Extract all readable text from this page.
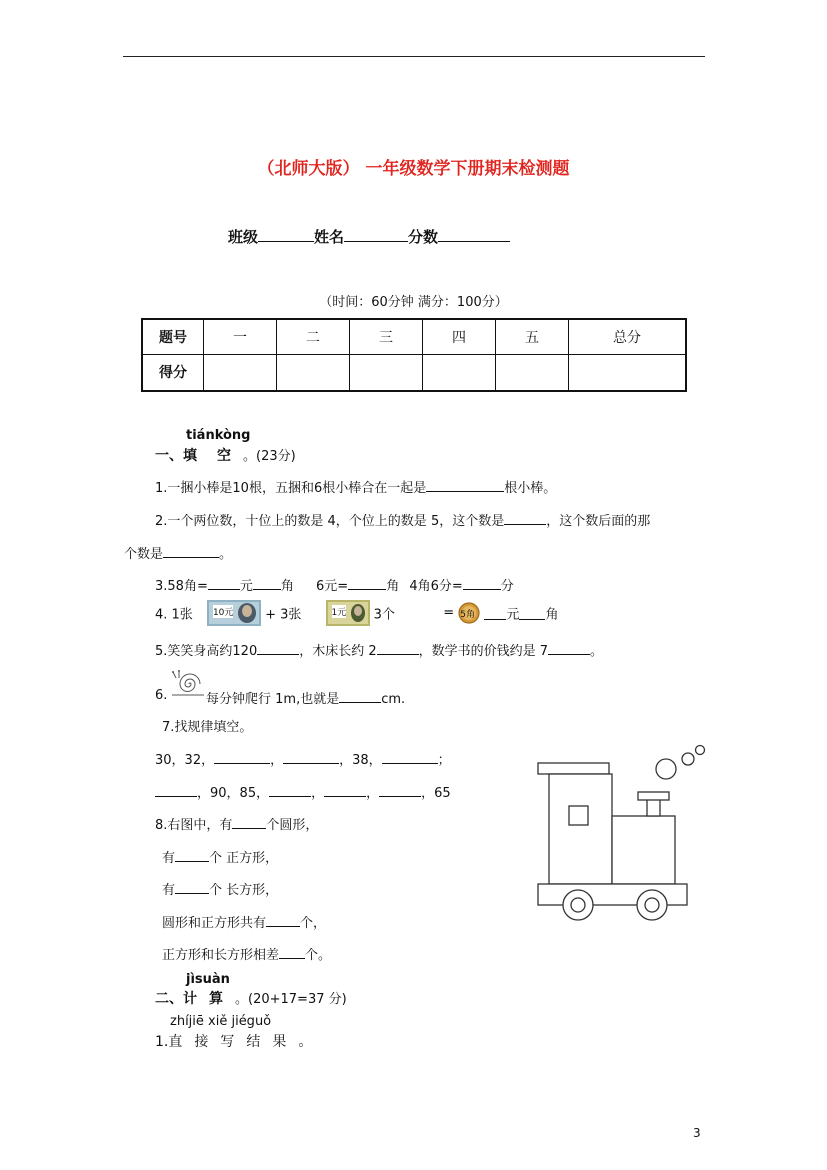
（北师大版） 一年级数学下册期末检测题
班级	姓名	分数
（时间：60分钟 满分：100分）
题号	一	二	三	四	五	总分
得分						
tiánkòng
一、填 空 。(23分)
1.一捆小棒是10根，五捆和6根小棒合在一起是	根小棒。
2.一个两位数，十位上的数是 4，个位上的数是 5，这个数是	，这个数后面的那
个数是	。
3.58角= 元 角 6元=	角 4角6分=	分
4. 1张 10元 + 3张	1元 3个	= 5角 元 角
5.笑笑身高约120	，木床长约 2	，数学书的价钱约是 7	。
6.	每分钟爬行 1m,也就是	cm.
7.找规律填空。
30，32，	，	，38，	；
，90，85，	，	，	，65
8.右图中，有	个圆形，
有	个 正方形，
有	个 长方形，
圆形和正方形共有	个，
正方形和长方形相差 个。
jìsuàn
二、计 算 。(20+17=37 分)
zhíjiē xiě jiéguǒ
1.直 接 写 结 果 。
3
